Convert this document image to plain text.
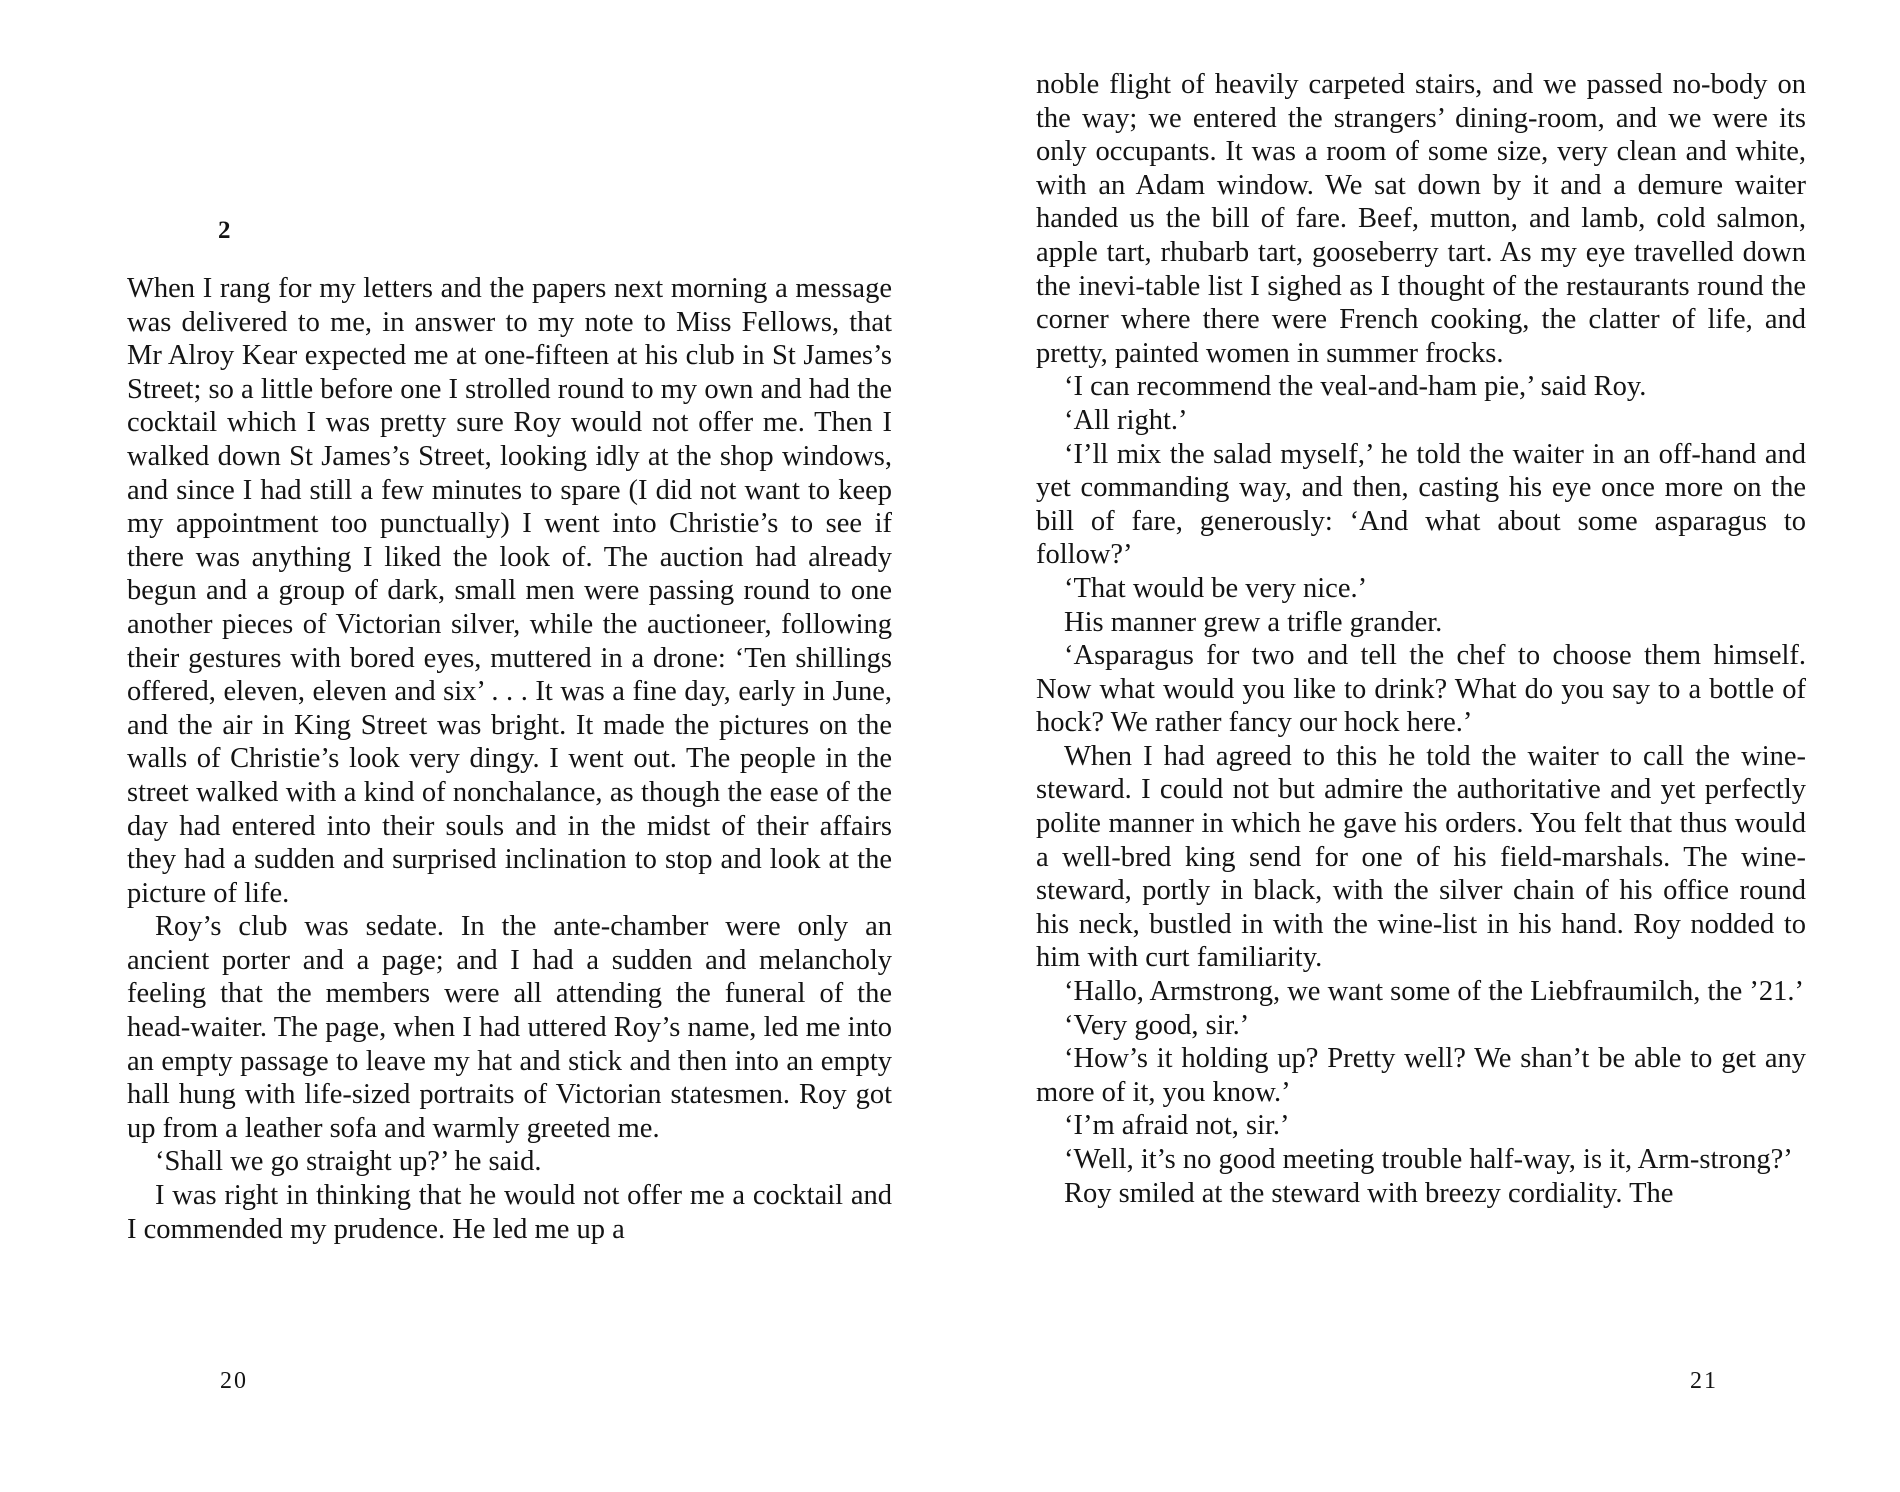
2

When I rang for my letters and the papers next morning a message was delivered to me, in answer to my note to Miss Fellows, that Mr Alroy Kear expected me at one-fifteen at his club in St James’s Street; so a little before one I strolled round to my own and had the cocktail which I was pretty sure Roy would not offer me. Then I walked down St James’s Street, looking idly at the shop windows, and since I had still a few minutes to spare (I did not want to keep my appointment too punctually) I went into Christie’s to see if there was anything I liked the look of. The auction had already begun and a group of dark, small men were passing round to one another pieces of Victorian silver, while the auctioneer, following their gestures with bored eyes, muttered in a drone: ‘Ten shillings offered, eleven, eleven and six’ . . . It was a fine day, early in June, and the air in King Street was bright. It made the pictures on the walls of Christie’s look very dingy. I went out. The people in the street walked with a kind of nonchalance, as though the ease of the day had entered into their souls and in the midst of their affairs they had a sudden and surprised inclination to stop and look at the picture of life.

Roy’s club was sedate. In the ante-chamber were only an ancient porter and a page; and I had a sudden and melancholy feeling that the members were all attending the funeral of the head-waiter. The page, when I had uttered Roy’s name, led me into an empty passage to leave my hat and stick and then into an empty hall hung with life-sized portraits of Victorian statesmen. Roy got up from a leather sofa and warmly greeted me.

‘Shall we go straight up?’ he said.

I was right in thinking that he would not offer me a cocktail and I commended my prudence. He led me up a

20

noble flight of heavily carpeted stairs, and we passed no-body on the way; we entered the strangers’ dining-room, and we were its only occupants. It was a room of some size, very clean and white, with an Adam window. We sat down by it and a demure waiter handed us the bill of fare. Beef, mutton, and lamb, cold salmon, apple tart, rhubarb tart, gooseberry tart. As my eye travelled down the inevi-table list I sighed as I thought of the restaurants round the corner where there were French cooking, the clatter of life, and pretty, painted women in summer frocks.

‘I can recommend the veal-and-ham pie,’ said Roy.

‘All right.’

‘I’ll mix the salad myself,’ he told the waiter in an off-hand and yet commanding way, and then, casting his eye once more on the bill of fare, generously: ‘And what about some asparagus to follow?’

‘That would be very nice.’

His manner grew a trifle grander.

‘Asparagus for two and tell the chef to choose them himself. Now what would you like to drink? What do you say to a bottle of hock? We rather fancy our hock here.’

When I had agreed to this he told the waiter to call the wine-steward. I could not but admire the authoritative and yet perfectly polite manner in which he gave his orders. You felt that thus would a well-bred king send for one of his field-marshals. The wine-steward, portly in black, with the silver chain of his office round his neck, bustled in with the wine-list in his hand. Roy nodded to him with curt familiarity.

‘Hallo, Armstrong, we want some of the Liebfraumilch, the ’21.’

‘Very good, sir.’

‘How’s it holding up? Pretty well? We shan’t be able to get any more of it, you know.’

‘I’m afraid not, sir.’

‘Well, it’s no good meeting trouble half-way, is it, Arm-strong?’

Roy smiled at the steward with breezy cordiality. The

21
